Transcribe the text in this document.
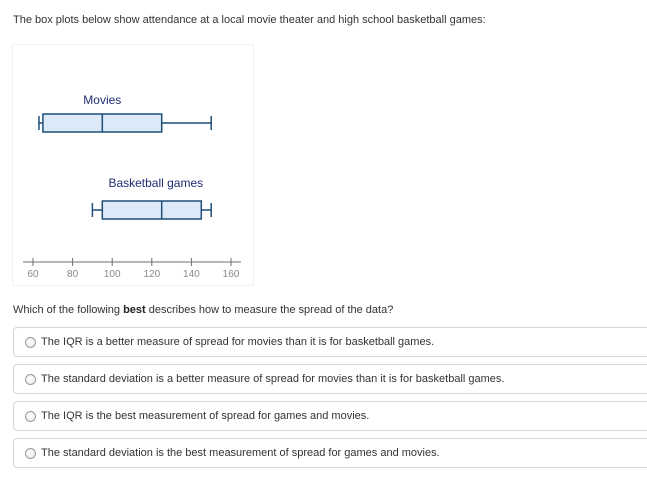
The box plots below show attendance at a local movie theater and high school basketball games:
Movies
Basketball games
60	80	100 120 140 160
Which of the following best describes how to measure the spread of the data?
The IQR is a better measure of spread for movies than it is for basketball games.
The standard deviation is a better measure of spread for movies than it is for basketball games.
The IQR is the best measurement of spread for games and movies.
The standard deviation is the best measurement of spread for games and movies.
